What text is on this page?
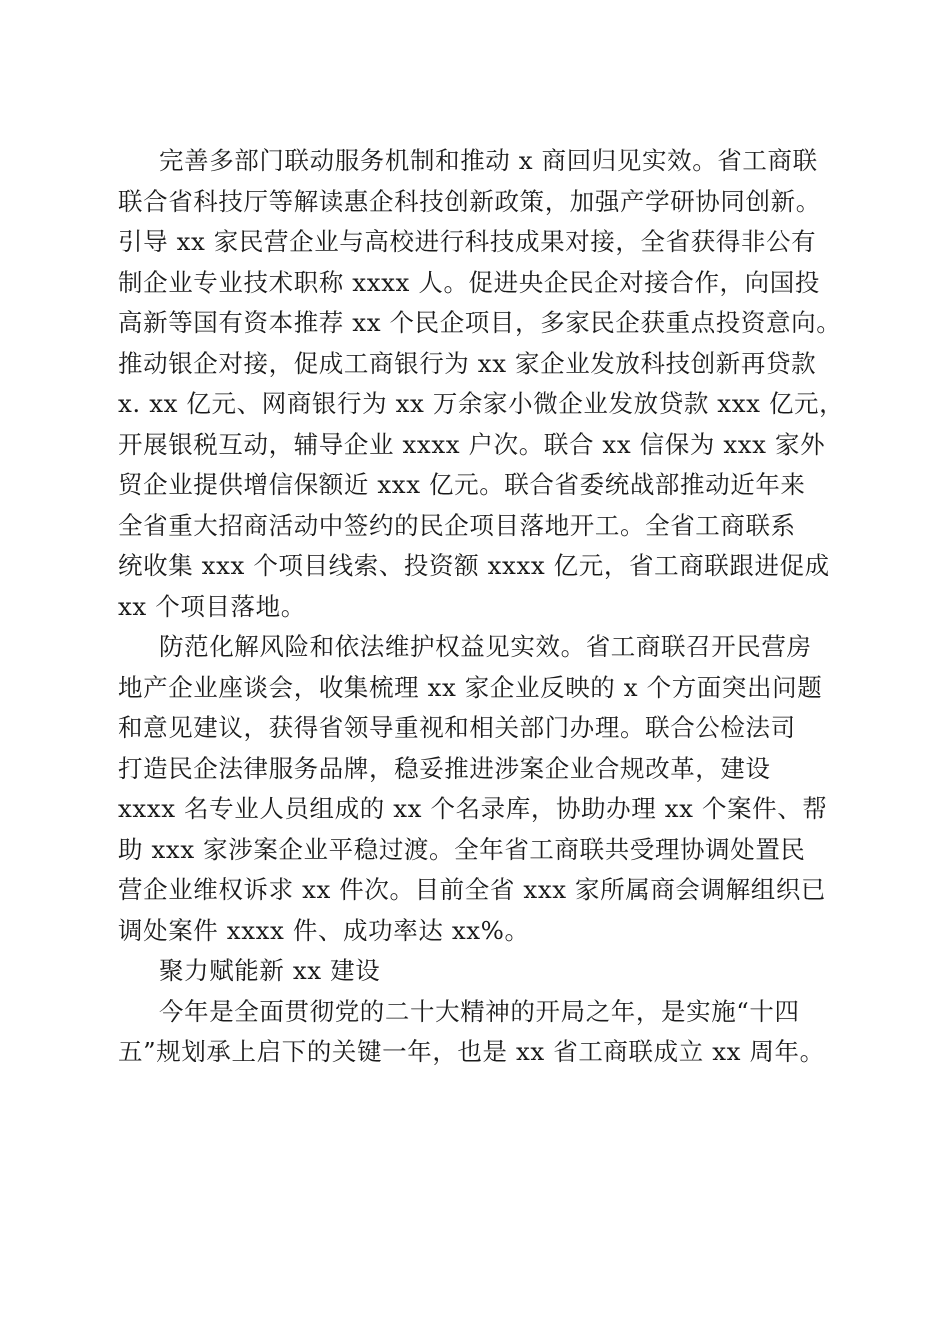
完善多部门联动服务机制和推动 x 商回归见实效。省工商联
联合省科技厅等解读惠企科技创新政策，加强产学研协同创新。
引导 xx 家民营企业与高校进行科技成果对接，全省获得非公有
制企业专业技术职称 xxxx 人。促进央企民企对接合作，向国投
高新等国有资本推荐 xx 个民企项目，多家民企获重点投资意向。
推动银企对接，促成工商银行为 xx 家企业发放科技创新再贷款
x. xx 亿元、网商银行为 xx 万余家小微企业发放贷款 xxx 亿元，
开展银税互动，辅导企业 xxxx 户次。联合 xx 信保为 xxx 家外
贸企业提供增信保额近 xxx 亿元。联合省委统战部推动近年来
全省重大招商活动中签约的民企项目落地开工。全省工商联系
统收集 xxx 个项目线索、投资额 xxxx 亿元，省工商联跟进促成
xx 个项目落地。
防范化解风险和依法维护权益见实效。省工商联召开民营房
地产企业座谈会，收集梳理 xx 家企业反映的 x 个方面突出问题
和意见建议，获得省领导重视和相关部门办理。联合公检法司
打造民企法律服务品牌，稳妥推进涉案企业合规改革，建设
xxxx 名专业人员组成的 xx 个名录库，协助办理 xx 个案件、帮
助 xxx 家涉案企业平稳过渡。全年省工商联共受理协调处置民
营企业维权诉求 xx 件次。目前全省 xxx 家所属商会调解组织已
调处案件 xxxx 件、成功率达 xx%。
聚力赋能新 xx 建设
今年是全面贯彻党的二十大精神的开局之年，是实施“十四
五”规划承上启下的关键一年，也是 xx 省工商联成立 xx 周年。
